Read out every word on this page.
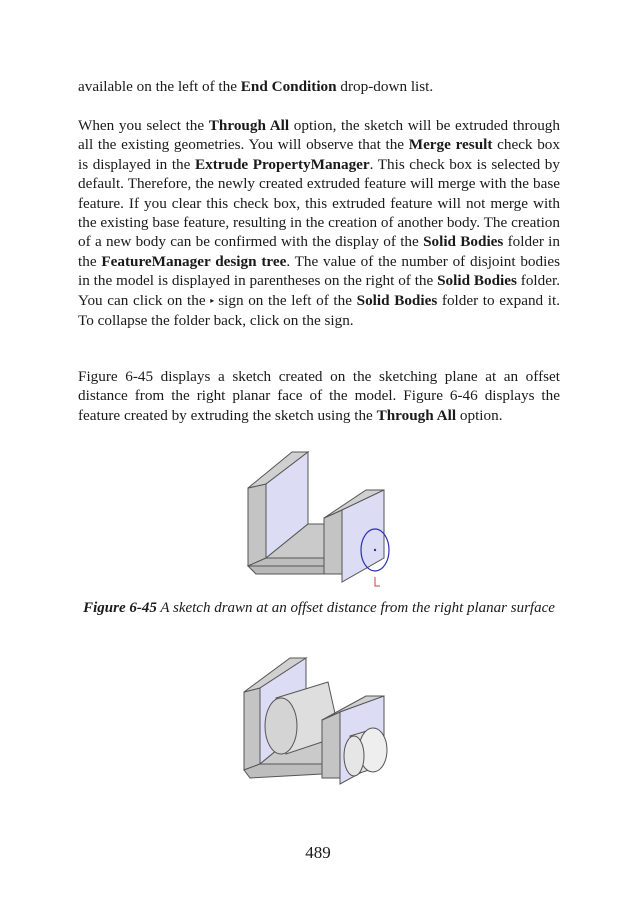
available on the left of the End Condition drop-down list.

When you select the Through All option, the sketch will be extruded through all the existing geometries. You will observe that the Merge result check box is displayed in the Extrude PropertyManager. This check box is selected by default. Therefore, the newly created extruded feature will merge with the base feature. If you clear this check box, this extruded feature will not merge with the existing base feature, resulting in the creation of another body. The creation of a new body can be confirmed with the display of the Solid Bodies folder in the FeatureManager design tree. The value of the number of disjoint bodies in the model is displayed in parentheses on the right of the Solid Bodies folder. You can click on the ▸ sign on the left of the Solid Bodies folder to expand it. To collapse the folder back, click on the sign.

Figure 6-45 displays a sketch created on the sketching plane at an offset distance from the right planar face of the model. Figure 6-46 displays the feature created by extruding the sketch using the Through All option.

Figure 6-45 A sketch drawn at an offset distance from the right planar surface

489
